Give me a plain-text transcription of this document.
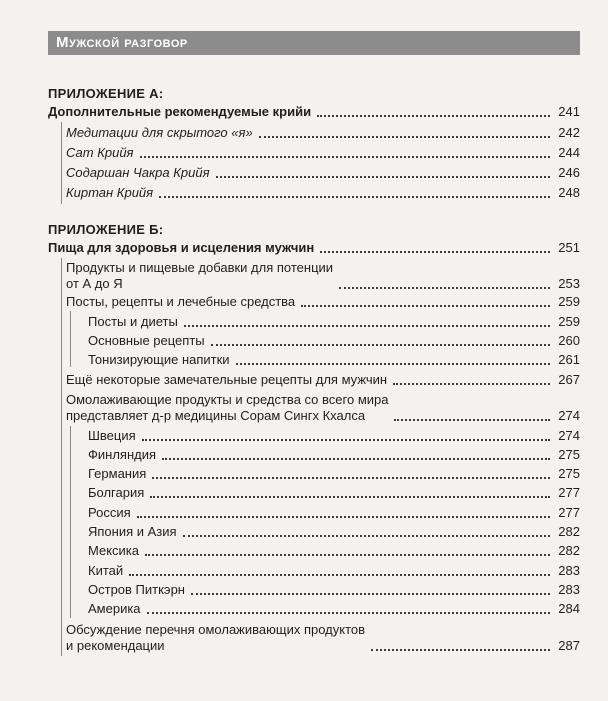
Мужской разговор
ПРИЛОЖЕНИЕ А:
Дополнительные рекомендуемые крийи	241
Медитации для скрытого «я»	242
Сат Крийя	244
Содаршан Чакра Крийя	246
Киртан Крийя	248
ПРИЛОЖЕНИЕ Б:
Пища для здоровья и исцеления мужчин	251
Продукты и пищевые добавки для потенции
от А до Я	253
Посты, рецепты и лечебные средства	259
Посты и диеты	259
Основные рецепты	260
Тонизирующие напитки	261
Ещё некоторые замечательные рецепты для мужчин	267
Омолаживающие продукты и средства со всего мира
представляет д-р медицины Сорам Сингх Кхалса	274
Швеция	274
Финляндия	275
Германия	275
Болгария	277
Россия	277
Япония и Азия	282
Мексика	282
Китай	283
Остров Питкэрн	283
Америка	284
Обсуждение перечня омолаживающих продуктов
и рекомендации	287
